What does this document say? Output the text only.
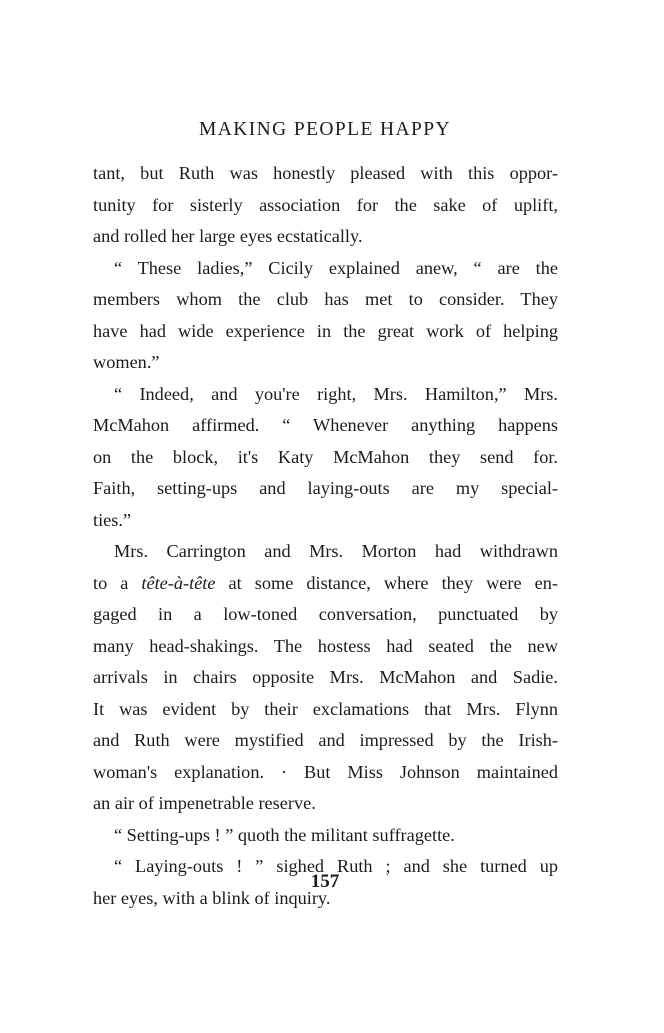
MAKING PEOPLE HAPPY
tant, but Ruth was honestly pleased with this oppor-
tunity for sisterly association for the sake of uplift,
and rolled her large eyes ecstatically.
“ These ladies,” Cicily explained anew, “ are the
members whom the club has met to consider. They
have had wide experience in the great work of helping
women.”
“ Indeed, and you're right, Mrs. Hamilton,” Mrs.
McMahon affirmed. “ Whenever anything happens
on the block, it's Katy McMahon they send for.
Faith, setting-ups and laying-outs are my special-
ties.”
Mrs. Carrington and Mrs. Morton had withdrawn
to a tête-à-tête at some distance, where they were en-
gaged in a low-toned conversation, punctuated by
many head-shakings. The hostess had seated the new
arrivals in chairs opposite Mrs. McMahon and Sadie.
It was evident by their exclamations that Mrs. Flynn
and Ruth were mystified and impressed by the Irish-
woman's explanation. · But Miss Johnson maintained
an air of impenetrable reserve.
“ Setting-ups ! ” quoth the militant suffragette.
“ Laying-outs ! ” sighed Ruth ; and she turned up
her eyes, with a blink of inquiry.
157
